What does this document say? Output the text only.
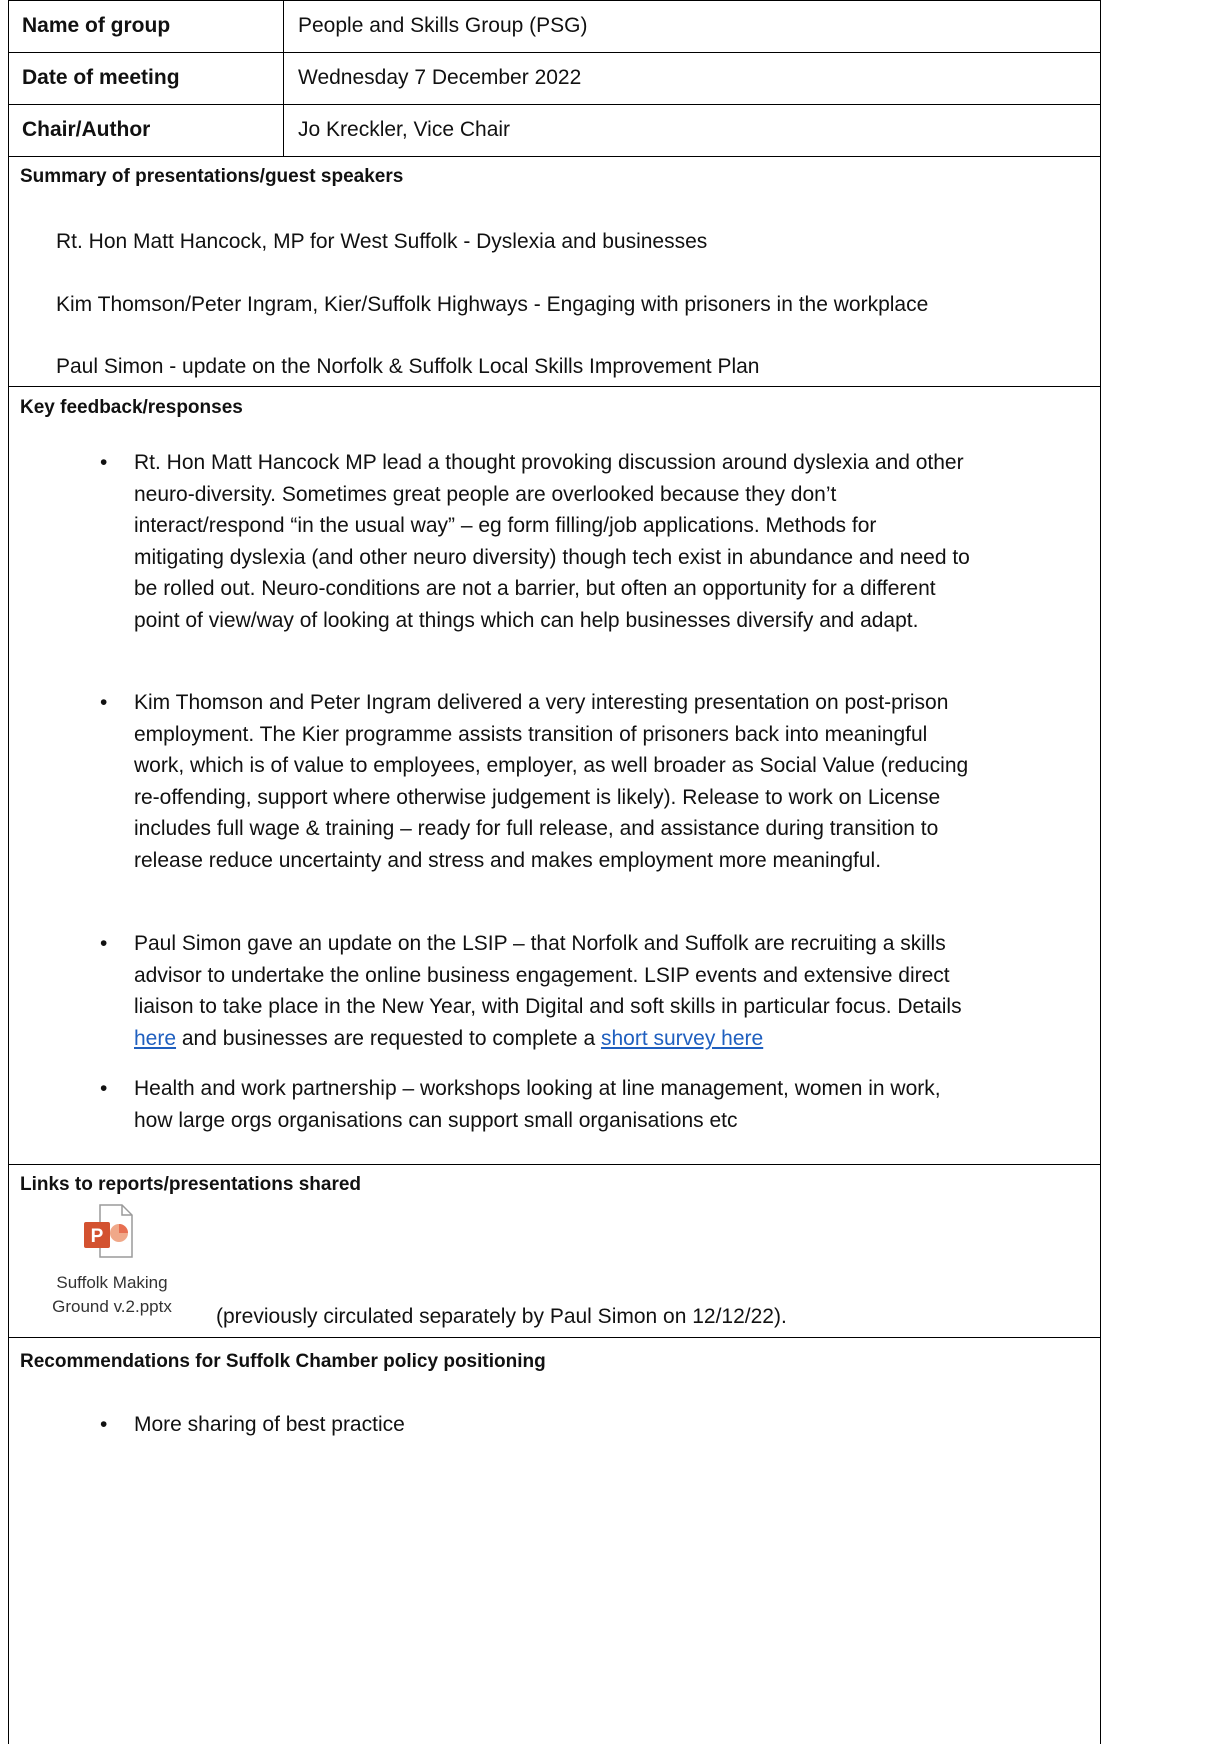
Name of group	People and Skills Group (PSG)
Date of meeting	Wednesday 7 December 2022
Chair/Author	Jo Kreckler, Vice Chair
Summary of presentations/guest speakers
Rt. Hon Matt Hancock, MP for West Suffolk - Dyslexia and businesses
Kim Thomson/Peter Ingram, Kier/Suffolk Highways - Engaging with prisoners in the workplace
Paul Simon - update on the Norfolk & Suffolk Local Skills Improvement Plan
Key feedback/responses
• Rt. Hon Matt Hancock MP lead a thought provoking discussion around dyslexia and other
neuro-diversity. Sometimes great people are overlooked because they don’t
interact/respond “in the usual way” – eg form filling/job applications. Methods for
mitigating dyslexia (and other neuro diversity) though tech exist in abundance and need to
be rolled out. Neuro-conditions are not a barrier, but often an opportunity for a different
point of view/way of looking at things which can help businesses diversify and adapt.
• Kim Thomson and Peter Ingram delivered a very interesting presentation on post-prison
employment. The Kier programme assists transition of prisoners back into meaningful
work, which is of value to employees, employer, as well broader as Social Value (reducing
re-offending, support where otherwise judgement is likely). Release to work on License
includes full wage & training – ready for full release, and assistance during transition to
release reduce uncertainty and stress and makes employment more meaningful.
• Paul Simon gave an update on the LSIP – that Norfolk and Suffolk are recruiting a skills
advisor to undertake the online business engagement. LSIP events and extensive direct
liaison to take place in the New Year, with Digital and soft skills in particular focus. Details
here and businesses are requested to complete a short survey here
• Health and work partnership – workshops looking at line management, women in work,
how large orgs organisations can support small organisations etc
Links to reports/presentations shared
P
Suffolk Making
Ground v.2.pptx	(previously circulated separately by Paul Simon on 12/12/22).
Recommendations for Suffolk Chamber policy positioning
• More sharing of best practice
